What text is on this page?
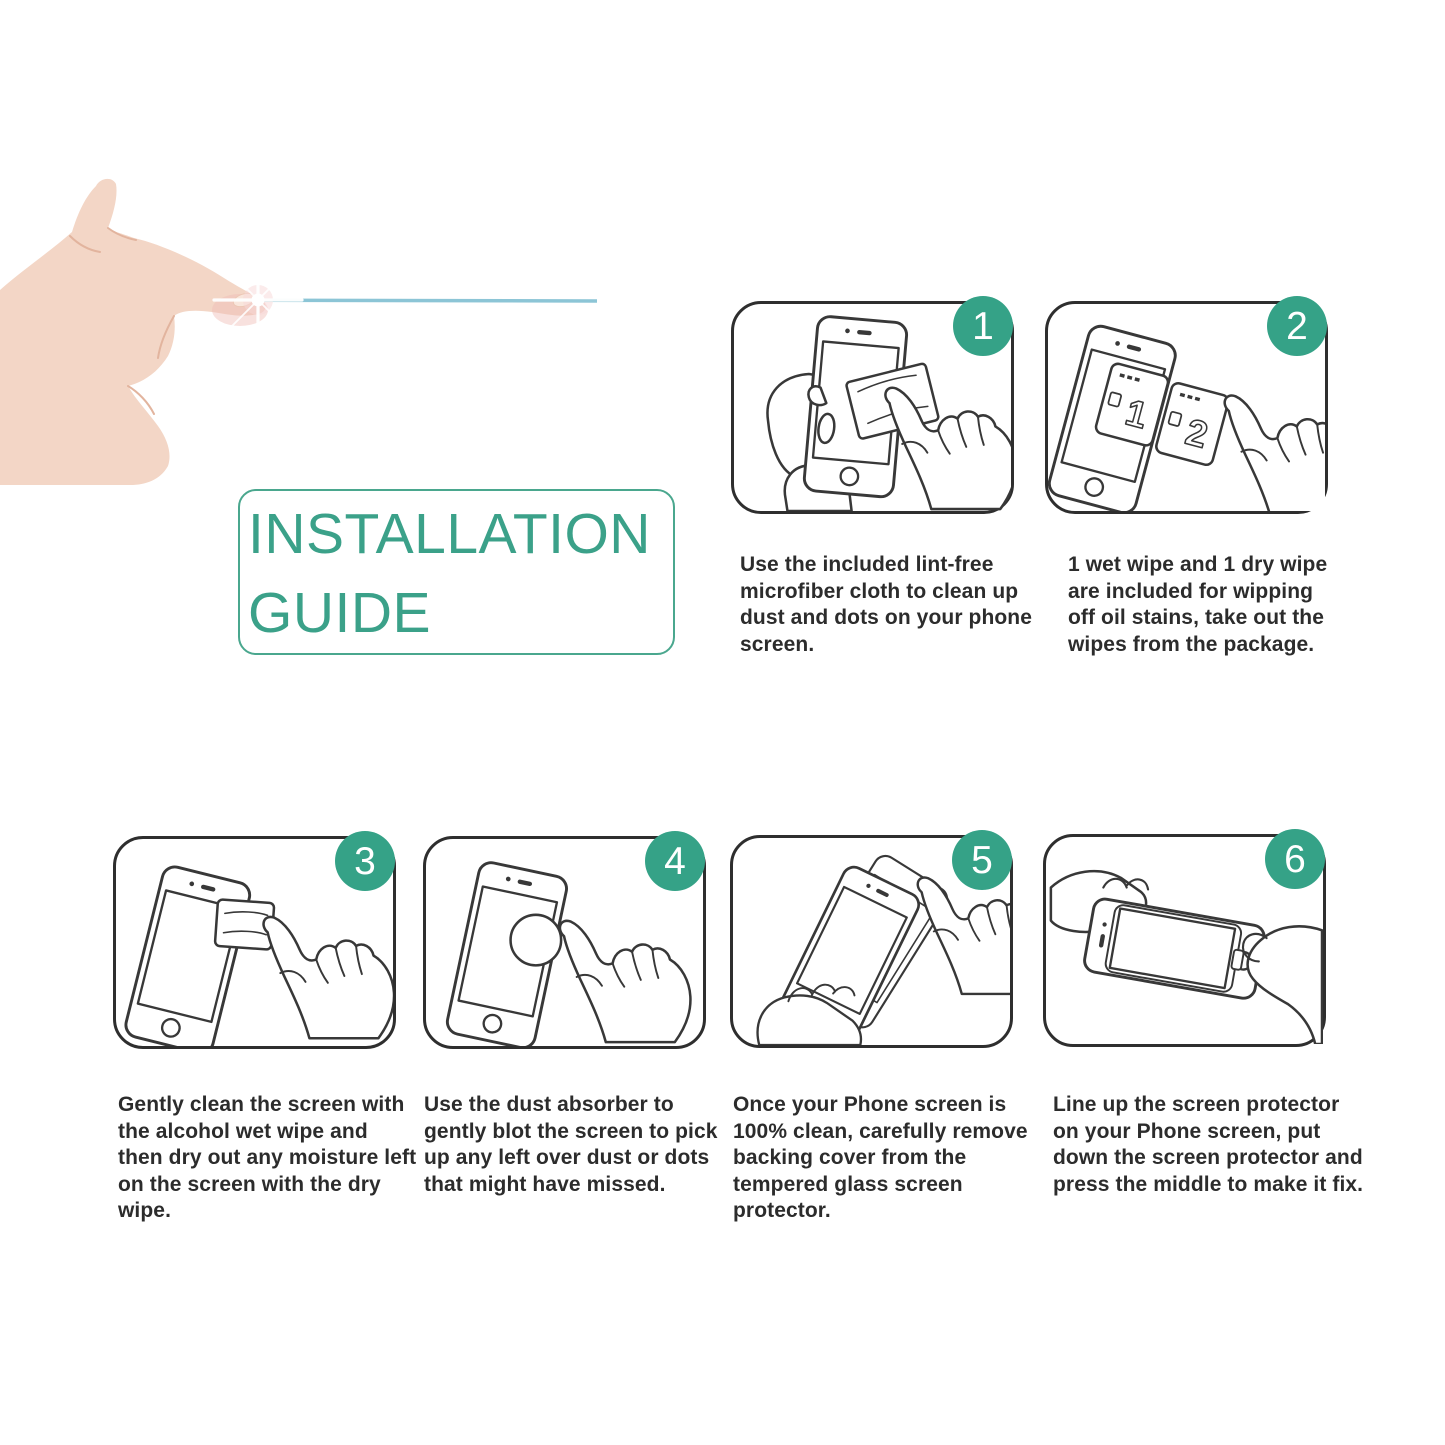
INSTALLATION
GUIDE
1
1 2
2
3	4	5	6
Use the included lint-free microfiber cloth to clean up dust and dots on your phone screen.
1 wet wipe and 1 dry wipe are included for wipping off oil stains, take out the wipes from the package.
Gently clean the screen with the alcohol wet wipe and then dry out any moisture left on the screen with the dry wipe.
Use the dust absorber to gently blot the screen to pick up any left over dust or dots that might have missed.
Once your Phone screen is 100% clean, carefully remove backing cover from the tempered glass screen protector.
Line up the screen protector on your Phone screen, put down the screen protector and press the middle to make it fix.
